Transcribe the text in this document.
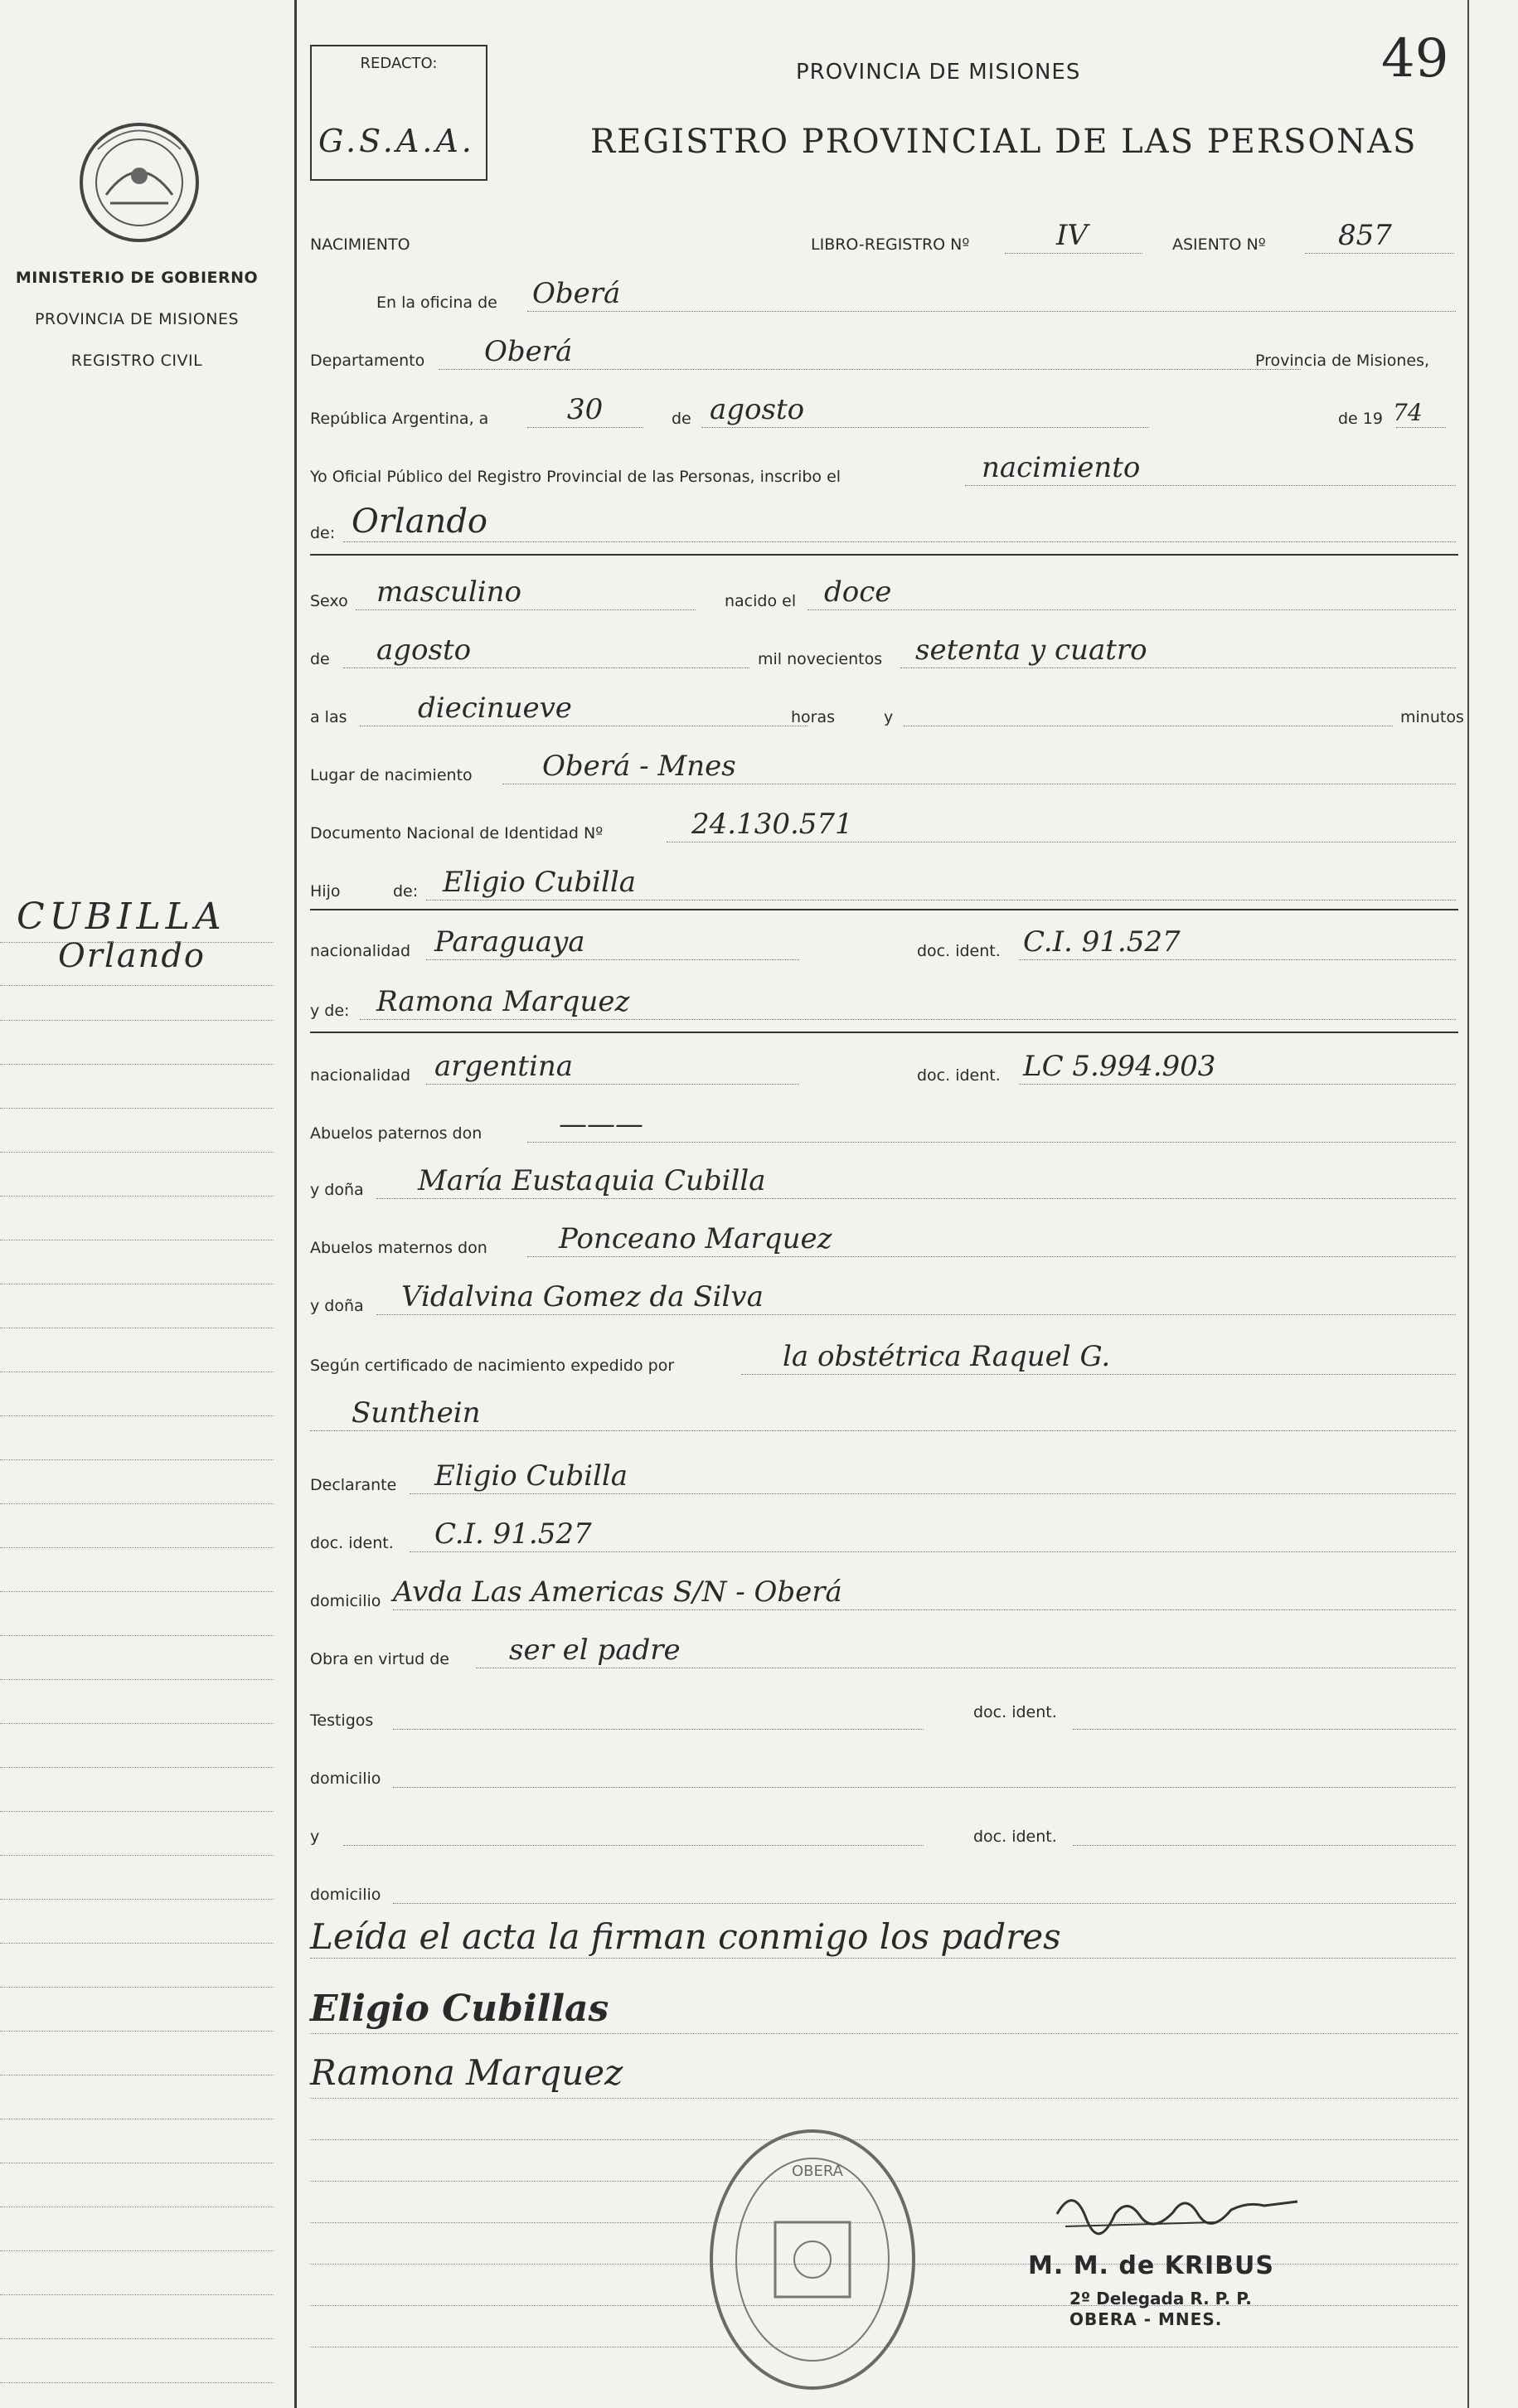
MINISTERIO DE GOBIERNO
PROVINCIA DE MISIONES
REGISTRO CIVIL
CUBILLA
Orlando
REDACTO:
G.S.A.A.
PROVINCIA DE MISIONES
REGISTRO PROVINCIAL DE LAS PERSONAS
49
NACIMIENTO	LIBRO-REGISTRO Nº	IV	ASIENTO Nº	857
En la oficina de Oberá
Departamento Oberá	Provincia de Misiones,
República Argentina, a	30	de agosto	de 19 74
Yo Oficial Público del Registro Provincial de las Personas, inscribo el	nacimiento
de: Orlando
Sexo masculino	nacido el doce
de agosto	mil novecientos setenta y cuatro
a las	diecinueve	horas	y	minutos
Lugar de nacimiento Oberá - Mnes
Documento Nacional de Identidad Nº	24.130.571
Hijo	de: Eligio Cubilla
nacionalidad Paraguaya	doc. ident. C.I. 91.527
y de: Ramona Marquez
nacionalidad argentina	doc. ident. LC 5.994.903
Abuelos paternos don	———
y doña María Eustaquia Cubilla
Abuelos maternos don	Ponceano Marquez
y doña Vidalvina Gomez da Silva
Según certificado de nacimiento expedido por	la obstétrica Raquel G.
Sunthein
Declarante Eligio Cubilla
doc. ident. C.I. 91.527
domicilio Avda Las Americas S/N - Oberá
Obra en virtud de ser el padre
Testigos	doc. ident.
domicilio
y	doc. ident.
domicilio
Leída el acta la firman conmigo los padres
Eligio Cubillas
Ramona Marquez
OBERA
M. M. de KRIBUS
2º Delegada R. P. P.
OBERA - MNES.
